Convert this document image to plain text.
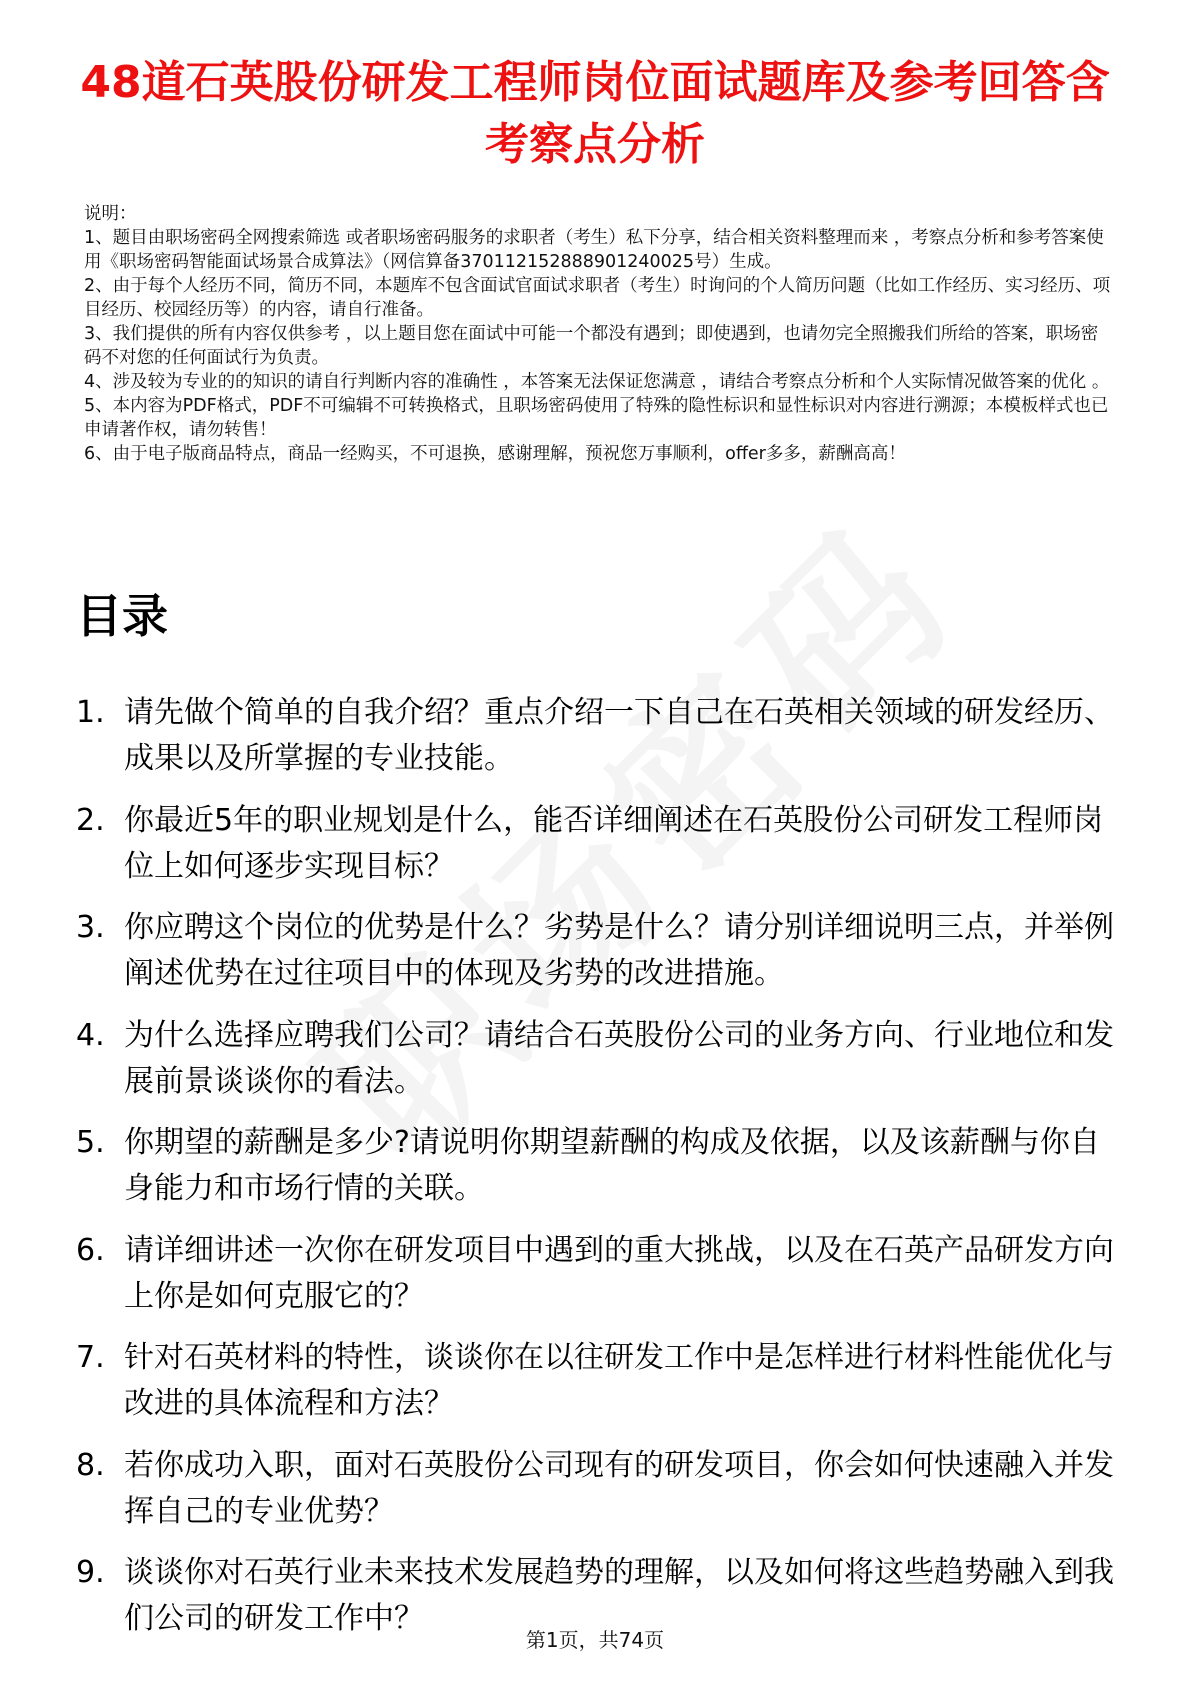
48道石英股份研发工程师岗位面试题库及参考回答含考察点分析

说明：

1、题目由职场密码全网搜索筛选 或者职场密码服务的求职者（考生）私下分享，结合相关资料整理而来 ，考察点分析和参考答案使用《职场密码智能面试场景合成算法》（网信算备370112152888901240025号）生成。

2、由于每个人经历不同，简历不同，本题库不包含面试官面试求职者（考生）时询问的个人简历问题（比如工作经历、实习经历、项目经历、校园经历等）的内容，请自行准备。

3、我们提供的所有内容仅供参考 ，以上题目您在面试中可能一个都没有遇到；即使遇到，也请勿完全照搬我们所给的答案，职场密码不对您的任何面试行为负责。

4、涉及较为专业的的知识的请自行判断内容的准确性 ，本答案无法保证您满意 ，请结合考察点分析和个人实际情况做答案的优化 。

5、本内容为PDF格式，PDF不可编辑不可转换格式，且职场密码使用了特殊的隐性标识和显性标识对内容进行溯源；本模板样式也已申请著作权，请勿转售！

6、由于电子版商品特点，商品一经购买，不可退换，感谢理解，预祝您万事顺利，offer多多，薪酬高高！

目录
1. 请先做个简单的自我介绍？重点介绍一下自己在石英相关领域的研发经历、成果以及所掌握的专业技能。
2. 你最近5年的职业规划是什么，能否详细阐述在石英股份公司研发工程师岗位上如何逐步实现目标？
3. 你应聘这个岗位的优势是什么？劣势是什么？请分别详细说明三点，并举例阐述优势在过往项目中的体现及劣势的改进措施。
4. 为什么选择应聘我们公司？请结合石英股份公司的业务方向、行业地位和发展前景谈谈你的看法。
5. 你期望的薪酬是多少?请说明你期望薪酬的构成及依据，以及该薪酬与你自身能力和市场行情的关联。
6. 请详细讲述一次你在研发项目中遇到的重大挑战，以及在石英产品研发方向上你是如何克服它的？
7. 针对石英材料的特性，谈谈你在以往研发工作中是怎样进行材料性能优化与改进的具体流程和方法？
8. 若你成功入职，面对石英股份公司现有的研发项目，你会如何快速融入并发挥自己的专业优势？
9. 谈谈你对石英行业未来技术发展趋势的理解，以及如何将这些趋势融入到我们公司的研发工作中？
第1页，共74页
